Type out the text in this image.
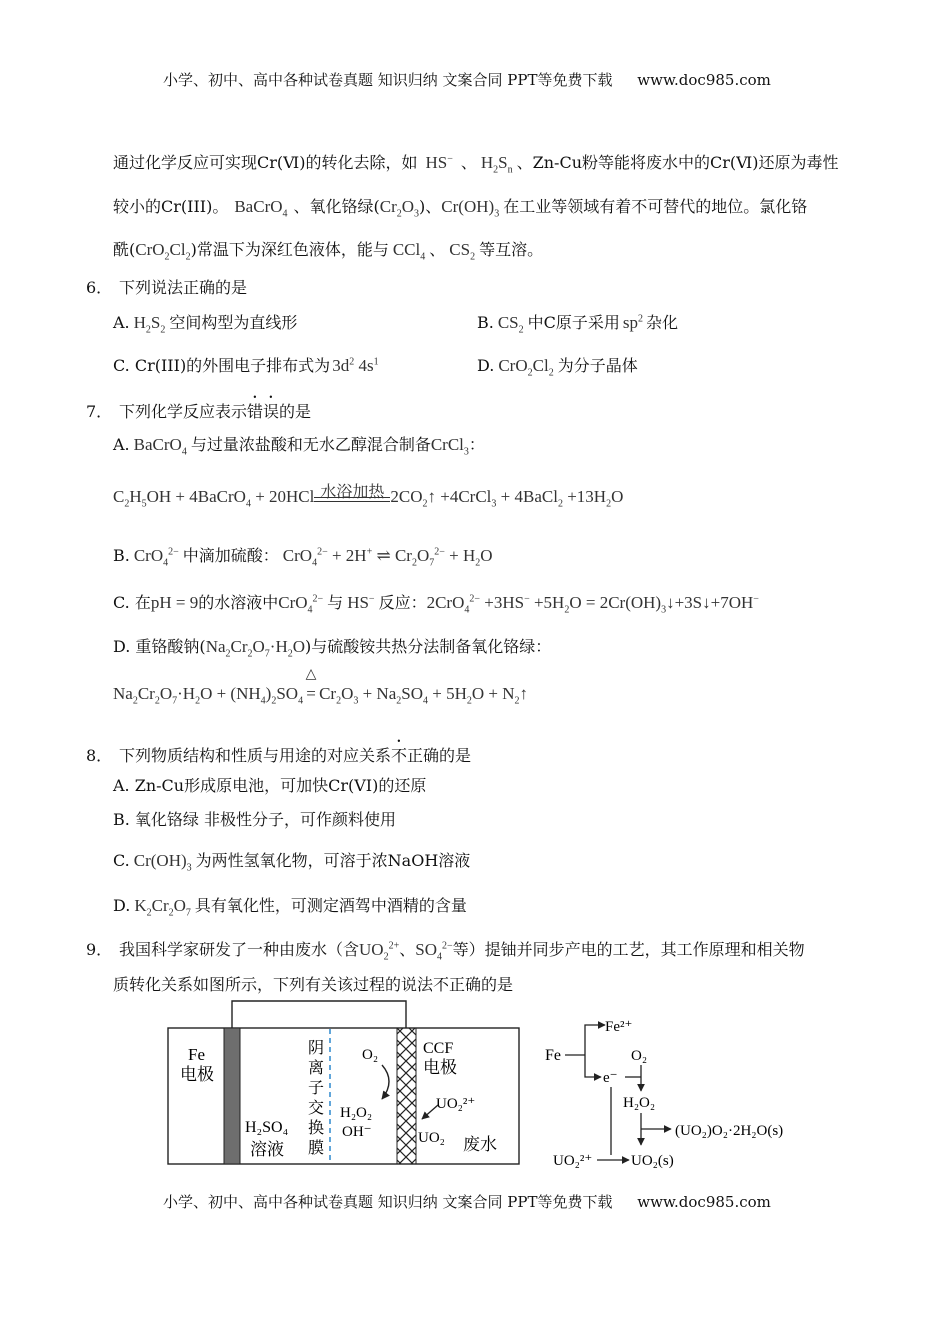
小学、初中、高中各种试卷真题 知识归纳 文案合同 PPT等免费下载 www.doc985.com
通过化学反应可实现Cr(Ⅵ)的转化去除，如 HS− 、 $H_2S_n$ 、Zn-Cu粉等能将废水中的Cr(Ⅵ)还原为毒性
较小的Cr(III)。 BaCrO$_4$ 、氧化铬绿$(Cr_2O_3)$、$Cr(OH)_3$ 在工业等领域有着不可替代的地位。氯化铬
酰$(CrO_2Cl_2)$常温下为深红色液体，能与 CCl$_4$ 、 $CS_2$ 等互溶。
6． 下列说法正确的是
A. $H_2S_2$ 空间构型为直线形	B. $CS_2$ 中C原子采用 $sp^2$ 杂化
C. Cr(III)的外围电子排布式为 $3d^2$ $4s^1$	D. $CrO_2Cl_2$ 为分子晶体
7． 下列化学反应表示错误的是
A. BaCrO$_4$ 与过量浓盐酸和无水乙醇混合制备CrCl$_3$：
$C_2H_5OH$ + 4BaCrO$_4$ + 20HCl 水浴加热 $2CO_2↑$ +4CrCl$_3$ + 4BaCl$_2$ $+13H_2O$
B. CrO$_4^{2-}$ 中滴加硫酸： CrO$_4^{2-}$ + 2H+ ⇌ $Cr_2O_7^{2-} + H_2O$
C. 在pH = 9的水溶液中CrO$_4^{2-}$ 与 HS− 反应：$2CrO_4^{2-} +3HS^- +5H_2O$ = $2Cr(OH)_3↓+3S↓+7OH^-$
D. 重铬酸钠$(Na_2Cr_2O_7\cdot H_2O)$与硫酸铵共热分法制备氧化铬绿：
$Na_2Cr_2O_7\cdot H_2O + (NH_4)_2SO_4$
△
= $Cr_2O_3 + Na_2SO_4 + 5H_2O$ + $N_2↑$
8． 下列物质结构和性质与用途的对应关系不正确的是
A. Zn-Cu形成原电池，可加快Cr(VI)的还原
B. 氧化铬绿 非极性分子，可作颜料使用
C. $Cr(OH)_3$ 为两性氢氧化物，可溶于浓NaOH溶液
D. $K_2Cr_2O_7$ 具有氧化性，可测定酒驾中酒精的含量
9． 我国科学家研发了一种由废水（含$UO_2^{2+}$、$SO_4^{2-}$等）提铀并同步产电的工艺，其工作原理和相关物
质转化关系如图所示，下列有关该过程的说法不正确的是
Fe
电极
H₂SO₄
溶液
阴
离
子
交
换
膜
O₂
H₂O₂
OH⁻
CCF
电极
UO₂²⁺
UO₂ 废水
Fe
Fe²⁺
e⁻
O₂
H₂O₂
(UO₂)O₂·2H₂O(s)
UO₂²⁺	UO₂(s)
小学、初中、高中各种试卷真题 知识归纳 文案合同 PPT等免费下载 www.doc985.com
